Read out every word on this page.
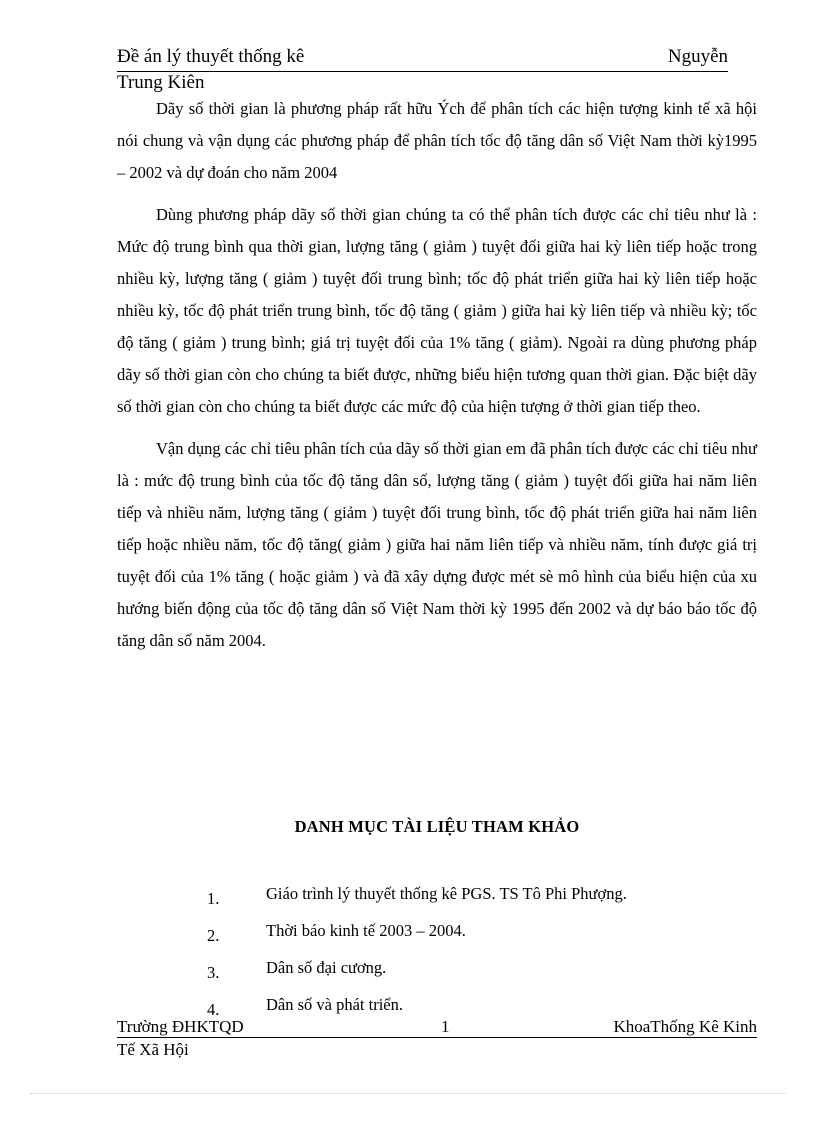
Đề án lý thuyết thống kê	Nguyễn
Trung Kiên

Dãy số thời gian là phương pháp rất hữu Ých để phân tích các hiện tượng kinh tế xã hội nói chung và vận dụng các phương pháp để phân tích tốc độ tăng dân số Việt Nam thời kỳ1995 – 2002 và dự đoán cho năm 2004

Dùng phương pháp dãy số thời gian chúng ta có thể phân tích được các chỉ tiêu như là : Mức độ trung bình qua thời gian, lượng tăng ( giảm ) tuyệt đối giữa hai kỳ liên tiếp hoặc trong nhiều kỳ, lượng tăng ( giảm ) tuyệt đối trung bình; tốc độ phát triển giữa hai kỳ liên tiếp hoặc nhiều kỳ, tốc độ phát triển trung bình, tốc độ tăng ( giảm ) giữa hai kỳ liên tiếp và nhiều kỳ; tốc độ tăng ( giảm ) trung bình; giá trị tuyệt đối của 1% tăng ( giảm). Ngoài ra dùng phương pháp dãy số thời gian còn cho chúng ta biết được, những biểu hiện tương quan thời gian. Đặc biệt dãy số thời gian còn cho chúng ta biết được các mức độ của hiện tượng ở thời gian tiếp theo.

Vận dụng các chỉ tiêu phân tích của dãy số thời gian em đã phân tích được các chỉ tiêu như là : mức độ trung bình của tốc độ tăng dân số, lượng tăng ( giảm ) tuyệt đối giữa hai năm liên tiếp và nhiều năm, lượng tăng ( giảm ) tuyệt đối trung bình, tốc độ phát triển giữa hai năm liên tiếp hoặc nhiều năm, tốc độ tăng( giảm ) giữa hai năm liên tiếp và nhiều năm, tính được giá trị tuyệt đối của 1% tăng ( hoặc giảm ) và đã xây dựng được mét sè mô hình của biểu hiện của xu hướng biến động của tốc độ tăng dân số Việt Nam thời kỳ 1995 đến 2002 và dự báo báo tốc độ tăng dân số năm 2004.

DANH MỤC TÀI LIỆU THAM KHẢO
1.	Giáo trình lý thuyết thống kê PGS. TS Tô Phi Phượng.
2.	Thời báo kinh tế 2003 – 2004.
3.	Dân số đại cương.
4.	Dân số và phát triển.
Trường ĐHKTQD	1	KhoaThống Kê Kinh
Tế Xã Hội
